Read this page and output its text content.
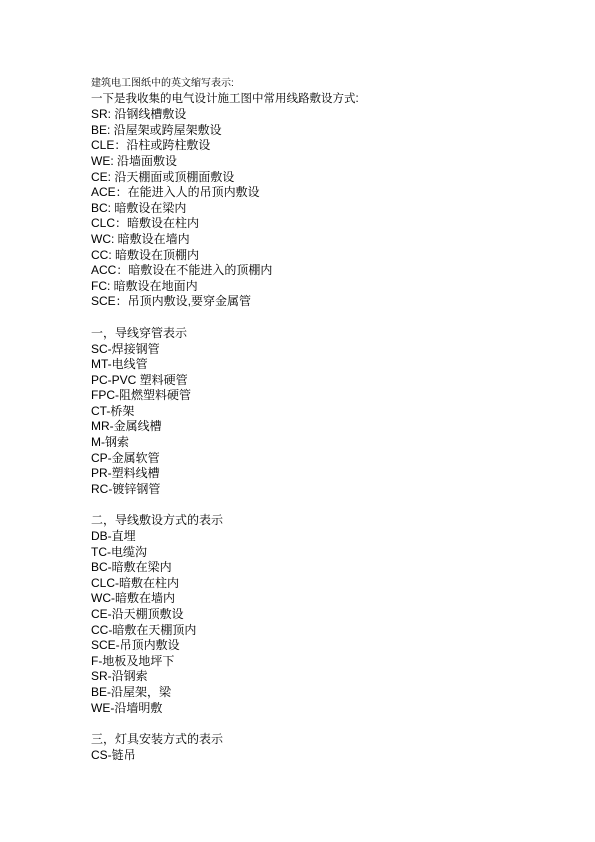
建筑电工图纸中的英文缩写表示:
一下是我收集的电气设计施工图中常用线路敷设方式:
SR: 沿钢线槽敷设
BE: 沿屋架或跨屋架敷设
CLE：沿柱或跨柱敷设
WE: 沿墙面敷设
CE: 沿天棚面或顶棚面敷设
ACE：在能进入人的吊顶内敷设
BC: 暗敷设在梁内
CLC：暗敷设在柱内
WC: 暗敷设在墙内
CC: 暗敷设在顶棚内
ACC：暗敷设在不能进入的顶棚内
FC: 暗敷设在地面内
SCE：吊顶内敷设,要穿金属管
一，导线穿管表示
SC-焊接钢管
MT-电线管
PC-PVC 塑料硬管
FPC-阻燃塑料硬管
CT-桥架
MR-金属线槽
M-钢索
CP-金属软管
PR-塑料线槽
RC-镀锌钢管
二，导线敷设方式的表示
DB-直埋
TC-电缆沟
BC-暗敷在梁内
CLC-暗敷在柱内
WC-暗敷在墙内
CE-沿天棚顶敷设
CC-暗敷在天棚顶内
SCE-吊顶内敷设
F-地板及地坪下
SR-沿钢索
BE-沿屋架，梁
WE-沿墙明敷
三，灯具安装方式的表示
CS-链吊
